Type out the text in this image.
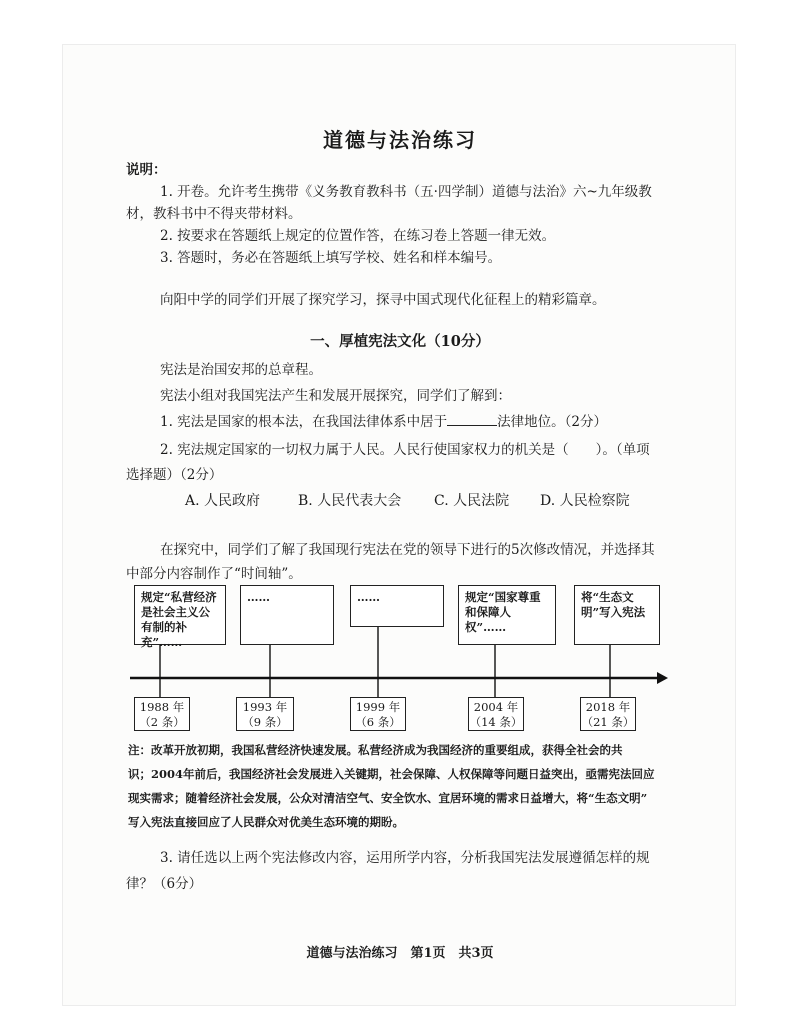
道德与法治练习
说明：
1. 开卷。允许考生携带《义务教育教科书（五·四学制）道德与法治》六~九年级教
材，教科书中不得夹带材料。
2. 按要求在答题纸上规定的位置作答，在练习卷上答题一律无效。
3. 答题时，务必在答题纸上填写学校、姓名和样本编号。
向阳中学的同学们开展了探究学习，探寻中国式现代化征程上的精彩篇章。
一、厚植宪法文化（10分）
宪法是治国安邦的总章程。
宪法小组对我国宪法产生和发展开展探究，同学们了解到：
1. 宪法是国家的根本法，在我国法律体系中居于	法律地位。（2分）
2. 宪法规定国家的一切权力属于人民。人民行使国家权力的机关是（　　）。（单项
选择题）（2分）
A. 人民政府	B. 人民代表大会 C. 人民法院 D. 人民检察院
在探究中，同学们了解了我国现行宪法在党的领导下进行的5次修改情况，并选择其
中部分内容制作了“时间轴”。
规定“私营经济是社会主义公有制的补充”……
……	……	规定“国家尊重和保障人权”……
将“生态文明”写入宪法
1988 年
（2 条）
1993 年
（9 条）
1999 年
（6 条）
2004 年
（14 条）
2018 年
（21 条）
注：改革开放初期，我国私营经济快速发展。私营经济成为我国经济的重要组成，获得全社会的共
识；2004年前后，我国经济社会发展进入关键期，社会保障、人权保障等问题日益突出，亟需宪法回应
现实需求；随着经济社会发展，公众对清洁空气、安全饮水、宜居环境的需求日益增大，将“生态文明”
写入宪法直接回应了人民群众对优美生态环境的期盼。
3. 请任选以上两个宪法修改内容，运用所学内容，分析我国宪法发展遵循怎样的规
律？（6分）
道德与法治练习　第1页　共3页
